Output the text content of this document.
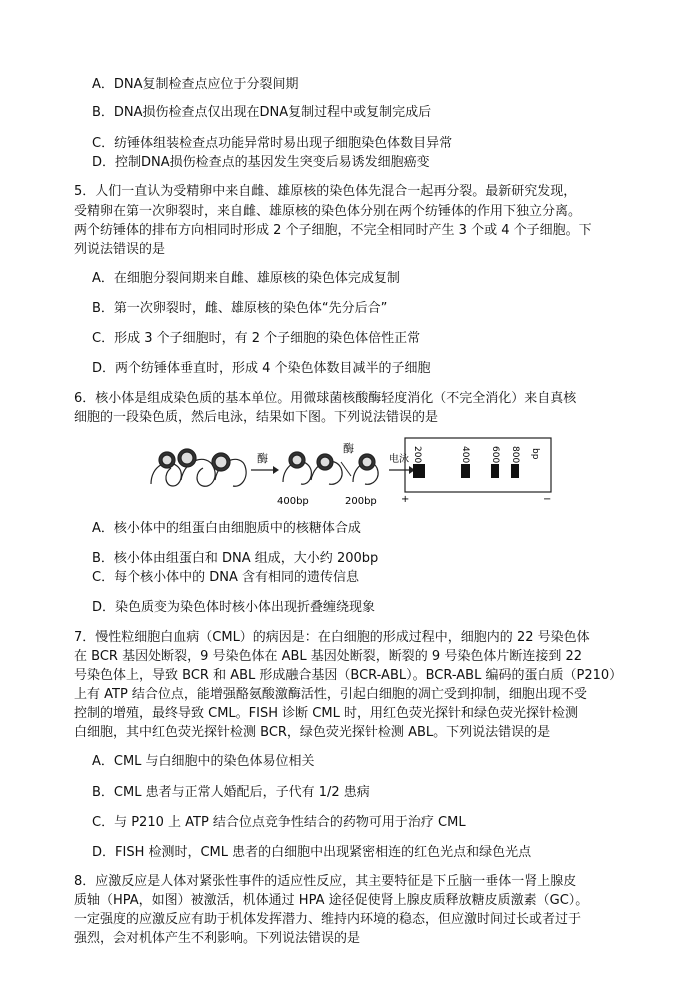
A．DNA复制检查点应位于分裂间期
B．DNA损伤检查点仅出现在DNA复制过程中或复制完成后
C．纺锤体组装检查点功能异常时易出现子细胞染色体数目异常
D．控制DNA损伤检查点的基因发生突变后易诱发细胞癌变
5．人们一直认为受精卵中来自雌、雄原核的染色体先混合一起再分裂。最新研究发现，
受精卵在第一次卵裂时，来自雌、雄原核的染色体分别在两个纺锤体的作用下独立分离。
两个纺锤体的排布方向相同时形成 2 个子细胞，不完全相同时产生 3 个或 4 个子细胞。下
列说法错误的是
A．在细胞分裂间期来自雌、雄原核的染色体完成复制
B．第一次卵裂时，雌、雄原核的染色体“先分后合”
C．形成 3 个子细胞时，有 2 个子细胞的染色体倍性正常
D．两个纺锤体垂直时，形成 4 个染色体数目减半的子细胞
6．核小体是组成染色质的基本单位。用微球菌核酸酶轻度消化（不完全消化）来自真核
细胞的一段染色质，然后电泳，结果如下图。下列说法错误的是
酶
400bp
酶
200bp
电泳 200	400 600 800 bp
+	−
A．核小体中的组蛋白由细胞质中的核糖体合成
B．核小体由组蛋白和 DNA 组成，大小约 200bp
C．每个核小体中的 DNA 含有相同的遗传信息
D．染色质变为染色体时核小体出现折叠缠绕现象
7．慢性粒细胞白血病（CML）的病因是：在白细胞的形成过程中，细胞内的 22 号染色体
在 BCR 基因处断裂，9 号染色体在 ABL 基因处断裂，断裂的 9 号染色体片断连接到 22
号染色体上，导致 BCR 和 ABL 形成融合基因（BCR-ABL）。BCR-ABL 编码的蛋白质（P210）
上有 ATP 结合位点，能增强酪氨酸激酶活性，引起白细胞的凋亡受到抑制，细胞出现不受
控制的增殖，最终导致 CML。FISH 诊断 CML 时，用红色荧光探针和绿色荧光探针检测
白细胞，其中红色荧光探针检测 BCR，绿色荧光探针检测 ABL。下列说法错误的是
A．CML 与白细胞中的染色体易位相关
B．CML 患者与正常人婚配后，子代有 1/2 患病
C．与 P210 上 ATP 结合位点竞争性结合的药物可用于治疗 CML
D．FISH 检测时，CML 患者的白细胞中出现紧密相连的红色光点和绿色光点
8．应激反应是人体对紧张性事件的适应性反应，其主要特征是下丘脑一垂体一肾上腺皮
质轴（HPA，如图）被激活，机体通过 HPA 途径促使肾上腺皮质释放糖皮质激素（GC）。
一定强度的应激反应有助于机体发挥潜力、维持内环境的稳态，但应激时间过长或者过于
强烈，会对机体产生不利影响。下列说法错误的是
